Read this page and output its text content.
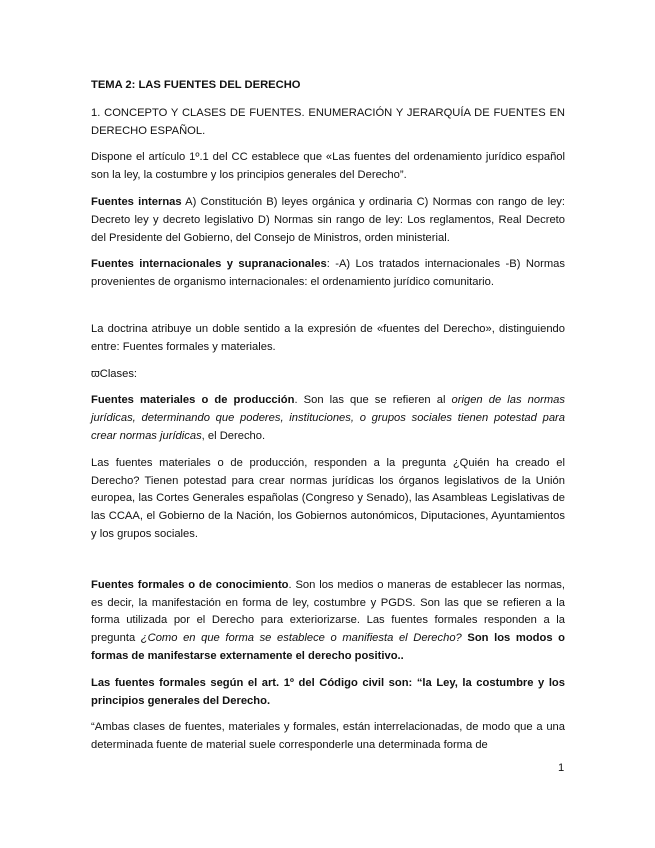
TEMA 2: LAS FUENTES DEL DERECHO

1. CONCEPTO Y CLASES DE FUENTES. ENUMERACIÓN Y JERARQUÍA DE FUENTES EN DERECHO ESPAÑOL.

Dispone el artículo 1º.1 del CC establece que «Las fuentes del ordenamiento jurídico español son la ley, la costumbre y los principios generales del Derecho”.

Fuentes internas A) Constitución B) leyes orgánica y ordinaria C) Normas con rango de ley: Decreto ley y decreto legislativo D) Normas sin rango de ley: Los reglamentos, Real Decreto del Presidente del Gobierno, del Consejo de Ministros, orden ministerial.

Fuentes internacionales y supranacionales: -A) Los tratados internacionales -B) Normas provenientes de organismo internacionales: el ordenamiento jurídico comunitario.

La doctrina atribuye un doble sentido a la expresión de «fuentes del Derecho», distinguiendo entre: Fuentes formales y materiales.

ϖClases:

Fuentes materiales o de producción. Son las que se refieren al origen de las normas jurídicas, determinando que poderes, instituciones, o grupos sociales tienen potestad para crear normas jurídicas, el Derecho.

Las fuentes materiales o de producción, responden a la pregunta ¿Quién ha creado el Derecho? Tienen potestad para crear normas jurídicas los órganos legislativos de la Unión europea, las Cortes Generales españolas (Congreso y Senado), las Asambleas Legislativas de las CCAA, el Gobierno de la Nación, los Gobiernos autonómicos, Diputaciones, Ayuntamientos y los grupos sociales.

Fuentes formales o de conocimiento. Son los medios o maneras de establecer las normas, es decir, la manifestación en forma de ley, costumbre y PGDS. Son las que se refieren a la forma utilizada por el Derecho para exteriorizarse. Las fuentes formales responden a la pregunta ¿Como en que forma se establece o manifiesta el Derecho? Son los modos o formas de manifestarse externamente el derecho positivo..

Las fuentes formales según el art. 1º del Código civil son: “la Ley, la costumbre y los principios generales del Derecho.

“Ambas clases de fuentes, materiales y formales, están interrelacionadas, de modo que a una determinada fuente de material suele corresponderle una determinada forma de

1
